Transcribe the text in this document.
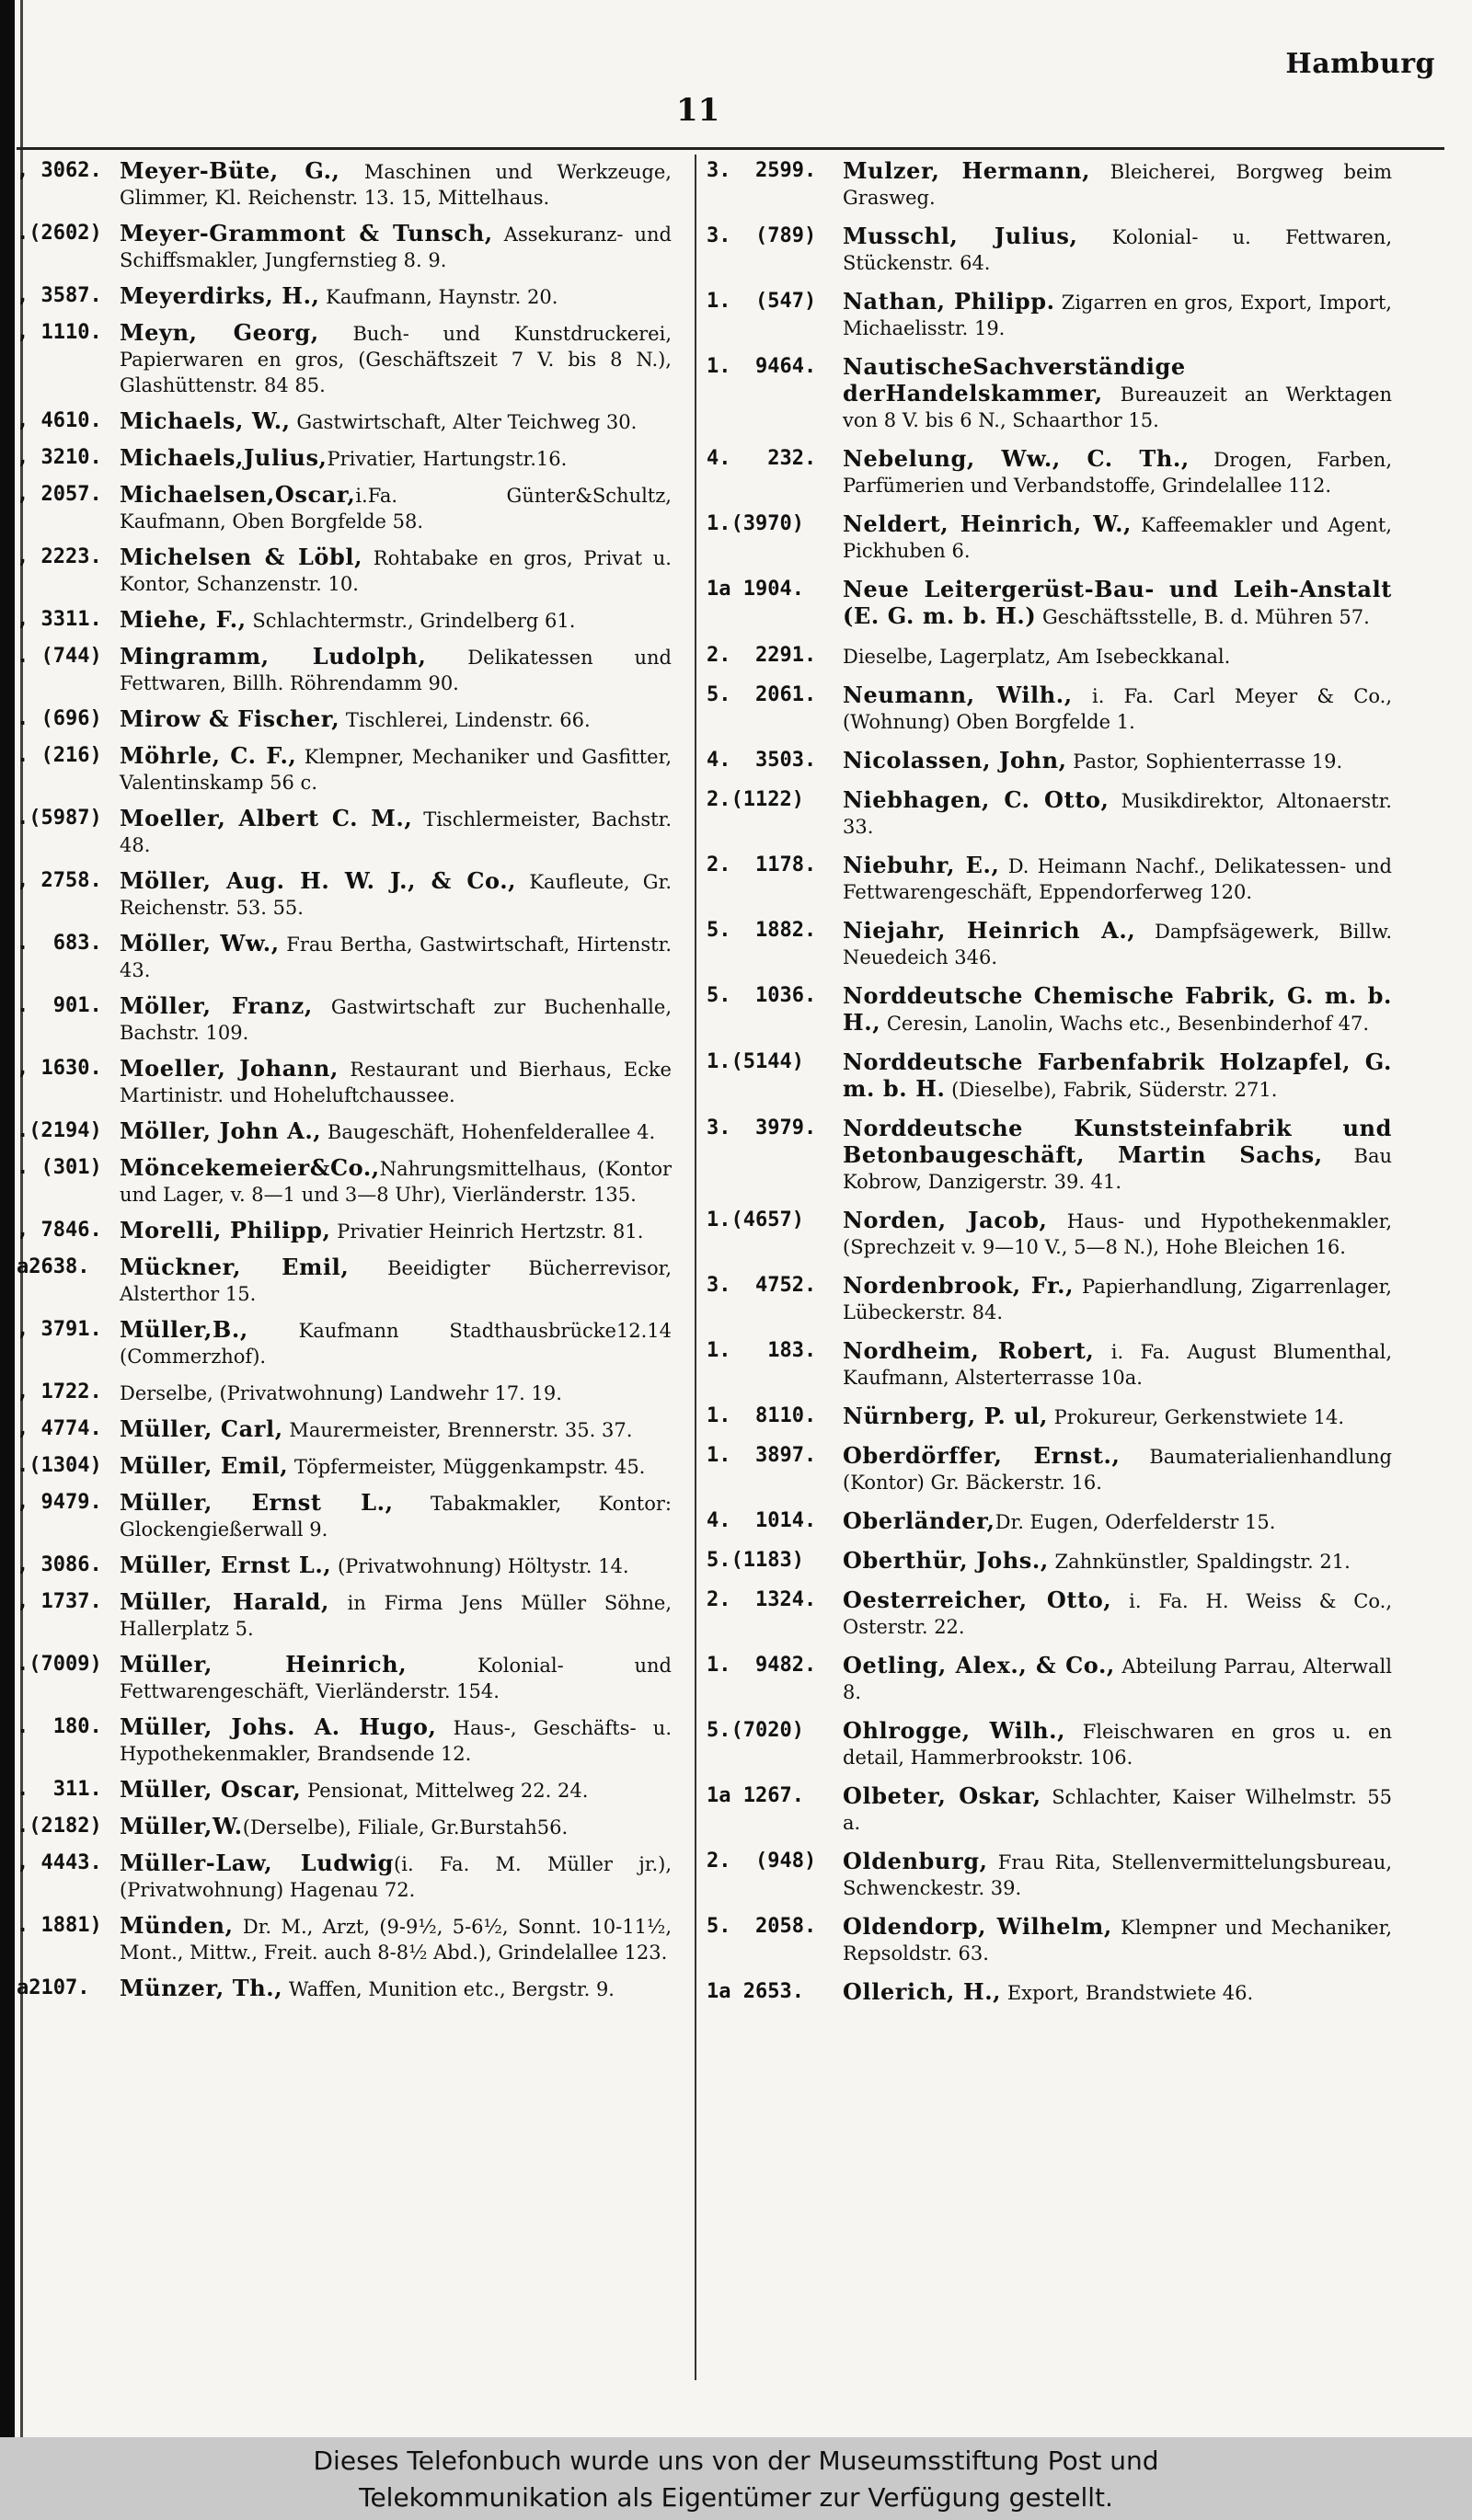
Hamburg
11
, 3062. Meyer-Büte, G., Maschinen und Werkzeuge, Glimmer, Kl. Reichenstr. 13. 15, Mittelhaus.
.(2602) Meyer-Grammont & Tunsch, Assekuranz- und Schiffsmakler, Jungfernstieg 8. 9.
, 3587. Meyerdirks, H., Kaufmann, Haynstr. 20.
, 1110. Meyn, Georg, Buch- und Kunstdruckerei, Papierwaren en gros, (Geschäftszeit 7 V. bis 8 N.), Glashüttenstr. 84 85.
, 4610. Michaels, W., Gastwirtschaft, Alter Teichweg 30.
, 3210. Michaels,Julius,Privatier, Hartungstr.16.
, 2057. Michaelsen,Oscar,i.Fa. Günter&Schultz, Kaufmann, Oben Borgfelde 58.
, 2223. Michelsen & Löbl, Rohtabake en gros, Privat u. Kontor, Schanzenstr. 10.
, 3311. Miehe, F., Schlachtermstr., Grindelberg 61.
. (744) Mingramm, Ludolph, Delikatessen und Fettwaren, Billh. Röhrendamm 90.
. (696) Mirow & Fischer, Tischlerei, Lindenstr. 66.
. (216) Möhrle, C. F., Klempner, Mechaniker und Gasfitter, Valentinskamp 56 c.
.(5987) Moeller, Albert C. M., Tischlermeister, Bachstr. 48.
, 2758. Möller, Aug. H. W. J., & Co., Kaufleute, Gr. Reichenstr. 53. 55.
.  683. Möller, Ww., Frau Bertha, Gastwirtschaft, Hirtenstr. 43.
.  901. Möller, Franz, Gastwirtschaft zur Buchenhalle, Bachstr. 109.
, 1630. Moeller, Johann, Restaurant und Bierhaus, Ecke Martinistr. und Hoheluftchaussee.
.(2194) Möller, John A., Baugeschäft, Hohenfelderallee 4.
. (301) Möncekemeier&Co.,Nahrungsmittelhaus, (Kontor und Lager, v. 8—1 und 3—8 Uhr), Vierländerstr. 135.
, 7846. Morelli, Philipp, Privatier Heinrich Hertzstr. 81.
a2638.	Mückner, Emil, Beeidigter Bücherrevisor, Alsterthor 15.
, 3791. Müller,B., Kaufmann Stadthausbrücke12.14 (Commerzhof).
, 1722. Derselbe, (Privatwohnung) Landwehr 17. 19.
, 4774. Müller, Carl, Maurermeister, Brennerstr. 35. 37.
.(1304) Müller, Emil, Töpfermeister, Müggenkampstr. 45.
, 9479. Müller, Ernst L., Tabakmakler, Kontor: Glockengießerwall 9.
, 3086. Müller, Ernst L., (Privatwohnung) Höltystr. 14.
, 1737. Müller, Harald, in Firma Jens Müller Söhne, Hallerplatz 5.
.(7009) Müller, Heinrich, Kolonial- und Fettwarengeschäft, Vierländerstr. 154.
.  180. Müller, Johs. A. Hugo, Haus-, Geschäfts- u. Hypothekenmakler, Brandsende 12.
.  311. Müller, Oscar, Pensionat, Mittelweg 22. 24.
.(2182) Müller,W.(Derselbe), Filiale, Gr.Burstah56.
, 4443. Müller-Law, Ludwig(i. Fa. M. Müller jr.), (Privatwohnung) Hagenau 72.
. 1881) Münden, Dr. M., Arzt, (9-9½, 5-6½, Sonnt. 10-11½, Mont., Mittw., Freit. auch 8-8½ Abd.), Grindelallee 123.
a2107.	Münzer, Th., Waffen, Munition etc., Bergstr. 9.
3.  2599.	Mulzer, Hermann, Bleicherei, Borgweg beim Grasweg.
3.  (789)	Musschl, Julius, Kolonial- u. Fettwaren, Stückenstr. 64.
1.  (547)	Nathan, Philipp. Zigarren en gros, Export, Import, Michaelisstr. 19.
1.  9464.	NautischeSachverständige derHandelskammer, Bureauzeit an Werktagen von 8 V. bis 6 N., Schaarthor 15.
4.   232.	Nebelung, Ww., C. Th., Drogen, Farben, Parfümerien und Verbandstoffe, Grindelallee 112.
1.(3970)	Neldert, Heinrich, W., Kaffeemakler und Agent, Pickhuben 6.
1a 1904.	Neue Leitergerüst-Bau- und Leih-Anstalt (E. G. m. b. H.) Geschäftsstelle, B. d. Mühren 57.
2.  2291.	Dieselbe, Lagerplatz, Am Isebeckkanal.
5.  2061.	Neumann, Wilh., i. Fa. Carl Meyer & Co., (Wohnung) Oben Borgfelde 1.
4.  3503.	Nicolassen, John, Pastor, Sophienterrasse 19.
2.(1122)	Niebhagen, C. Otto, Musikdirektor, Altonaerstr. 33.
2.  1178.	Niebuhr, E., D. Heimann Nachf., Delikatessen- und Fettwarengeschäft, Eppendorferweg 120.
5.  1882.	Niejahr, Heinrich A., Dampfsägewerk, Billw. Neuedeich 346.
5.  1036.	Norddeutsche Chemische Fabrik, G. m. b. H., Ceresin, Lanolin, Wachs etc., Besenbinderhof 47.
1.(5144)	Norddeutsche Farbenfabrik Holzapfel, G. m. b. H. (Dieselbe), Fabrik, Süderstr. 271.
3.  3979.	Norddeutsche Kunststeinfabrik und Betonbaugeschäft, Martin Sachs, Bau Kobrow, Danzigerstr. 39. 41.
1.(4657)	Norden, Jacob, Haus- und Hypothekenmakler, (Sprechzeit v. 9—10 V., 5—8 N.), Hohe Bleichen 16.
3.  4752.	Nordenbrook, Fr., Papierhandlung, Zigarrenlager, Lübeckerstr. 84.
1.   183.	Nordheim, Robert, i. Fa. August Blumenthal, Kaufmann, Alsterterrasse 10a.
1.  8110.	Nürnberg, P. ul, Prokureur, Gerkenstwiete 14.
1.  3897.	Oberdörffer, Ernst., Baumaterialienhandlung (Kontor) Gr. Bäckerstr. 16.
4.  1014.	Oberländer,Dr. Eugen, Oderfelderstr 15.
5.(1183)	Oberthür, Johs., Zahnkünstler, Spaldingstr. 21.
2.  1324.	Oesterreicher, Otto, i. Fa. H. Weiss & Co., Osterstr. 22.
1.  9482.	Oetling, Alex., & Co., Abteilung Parrau, Alterwall 8.
5.(7020)	Ohlrogge, Wilh., Fleischwaren en gros u. en detail, Hammerbrookstr. 106.
1a 1267.	Olbeter, Oskar, Schlachter, Kaiser Wilhelmstr. 55 a.
2.  (948)	Oldenburg, Frau Rita, Stellenvermittelungsbureau, Schwenckestr. 39.
5.  2058.	Oldendorp, Wilhelm, Klempner und Mechaniker, Repsoldstr. 63.
1a 2653.	Ollerich, H., Export, Brandstwiete 46.
Dieses Telefonbuch wurde uns von der Museumsstiftung Post und
Telekommunikation als Eigentümer zur Verfügung gestellt.
